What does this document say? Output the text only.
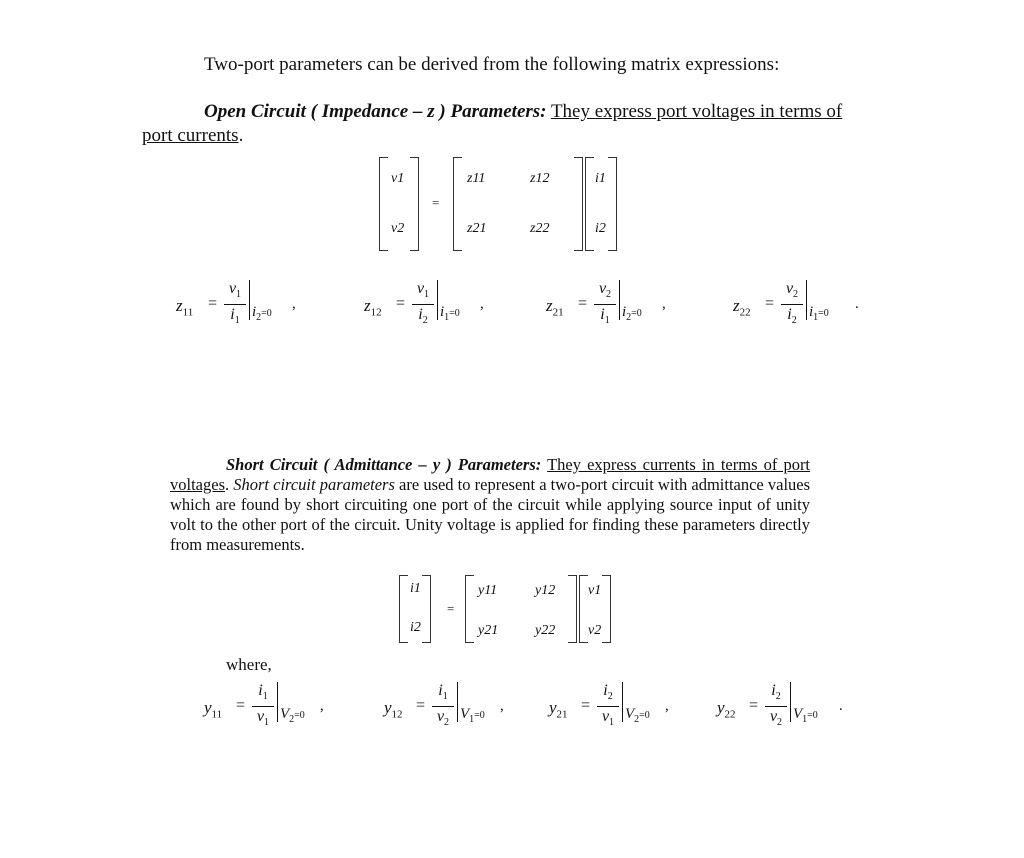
Two-port parameters can be derived from the following matrix expressions:
Open Circuit ( Impedance – z ) Parameters: They express port voltages in terms of port currents.
v1
v2
=
z11	z12
z21	z22
i1
i2
$z_{11}$
=
$v_1$
$i_1$
$i_2=0$
,	$z_{12}$
=
$v_1$
$i_2$
$i_1=0$
,	$z_{21}$
=
$v_2$
$i_1$
$i_2=0$
,	$z_{22}$
=
$v_2$
$i_2$
$i_1=0$
.
Short Circuit ( Admittance – y ) Parameters: They express currents in terms of port voltages. Short circuit parameters are used to represent a two-port circuit with admittance values which are found by short circuiting one port of the circuit while applying source input of unity volt to the other port of the circuit. Unity voltage is applied for finding these parameters directly from measurements.
i1
i2
=
y11	y12
y21	y22
v1
v2
where,
$y_{11}$
=
$i_1$
$v_1$
$V_2=0$
,	$y_{12}$
=
$i_1$
$v_2$
$V_1=0$
,	$y_{21}$
=
$i_2$
$v_1$
$V_2=0$
,	$y_{22}$
=
$i_2$
$v_2$
$V_1=0$
.
